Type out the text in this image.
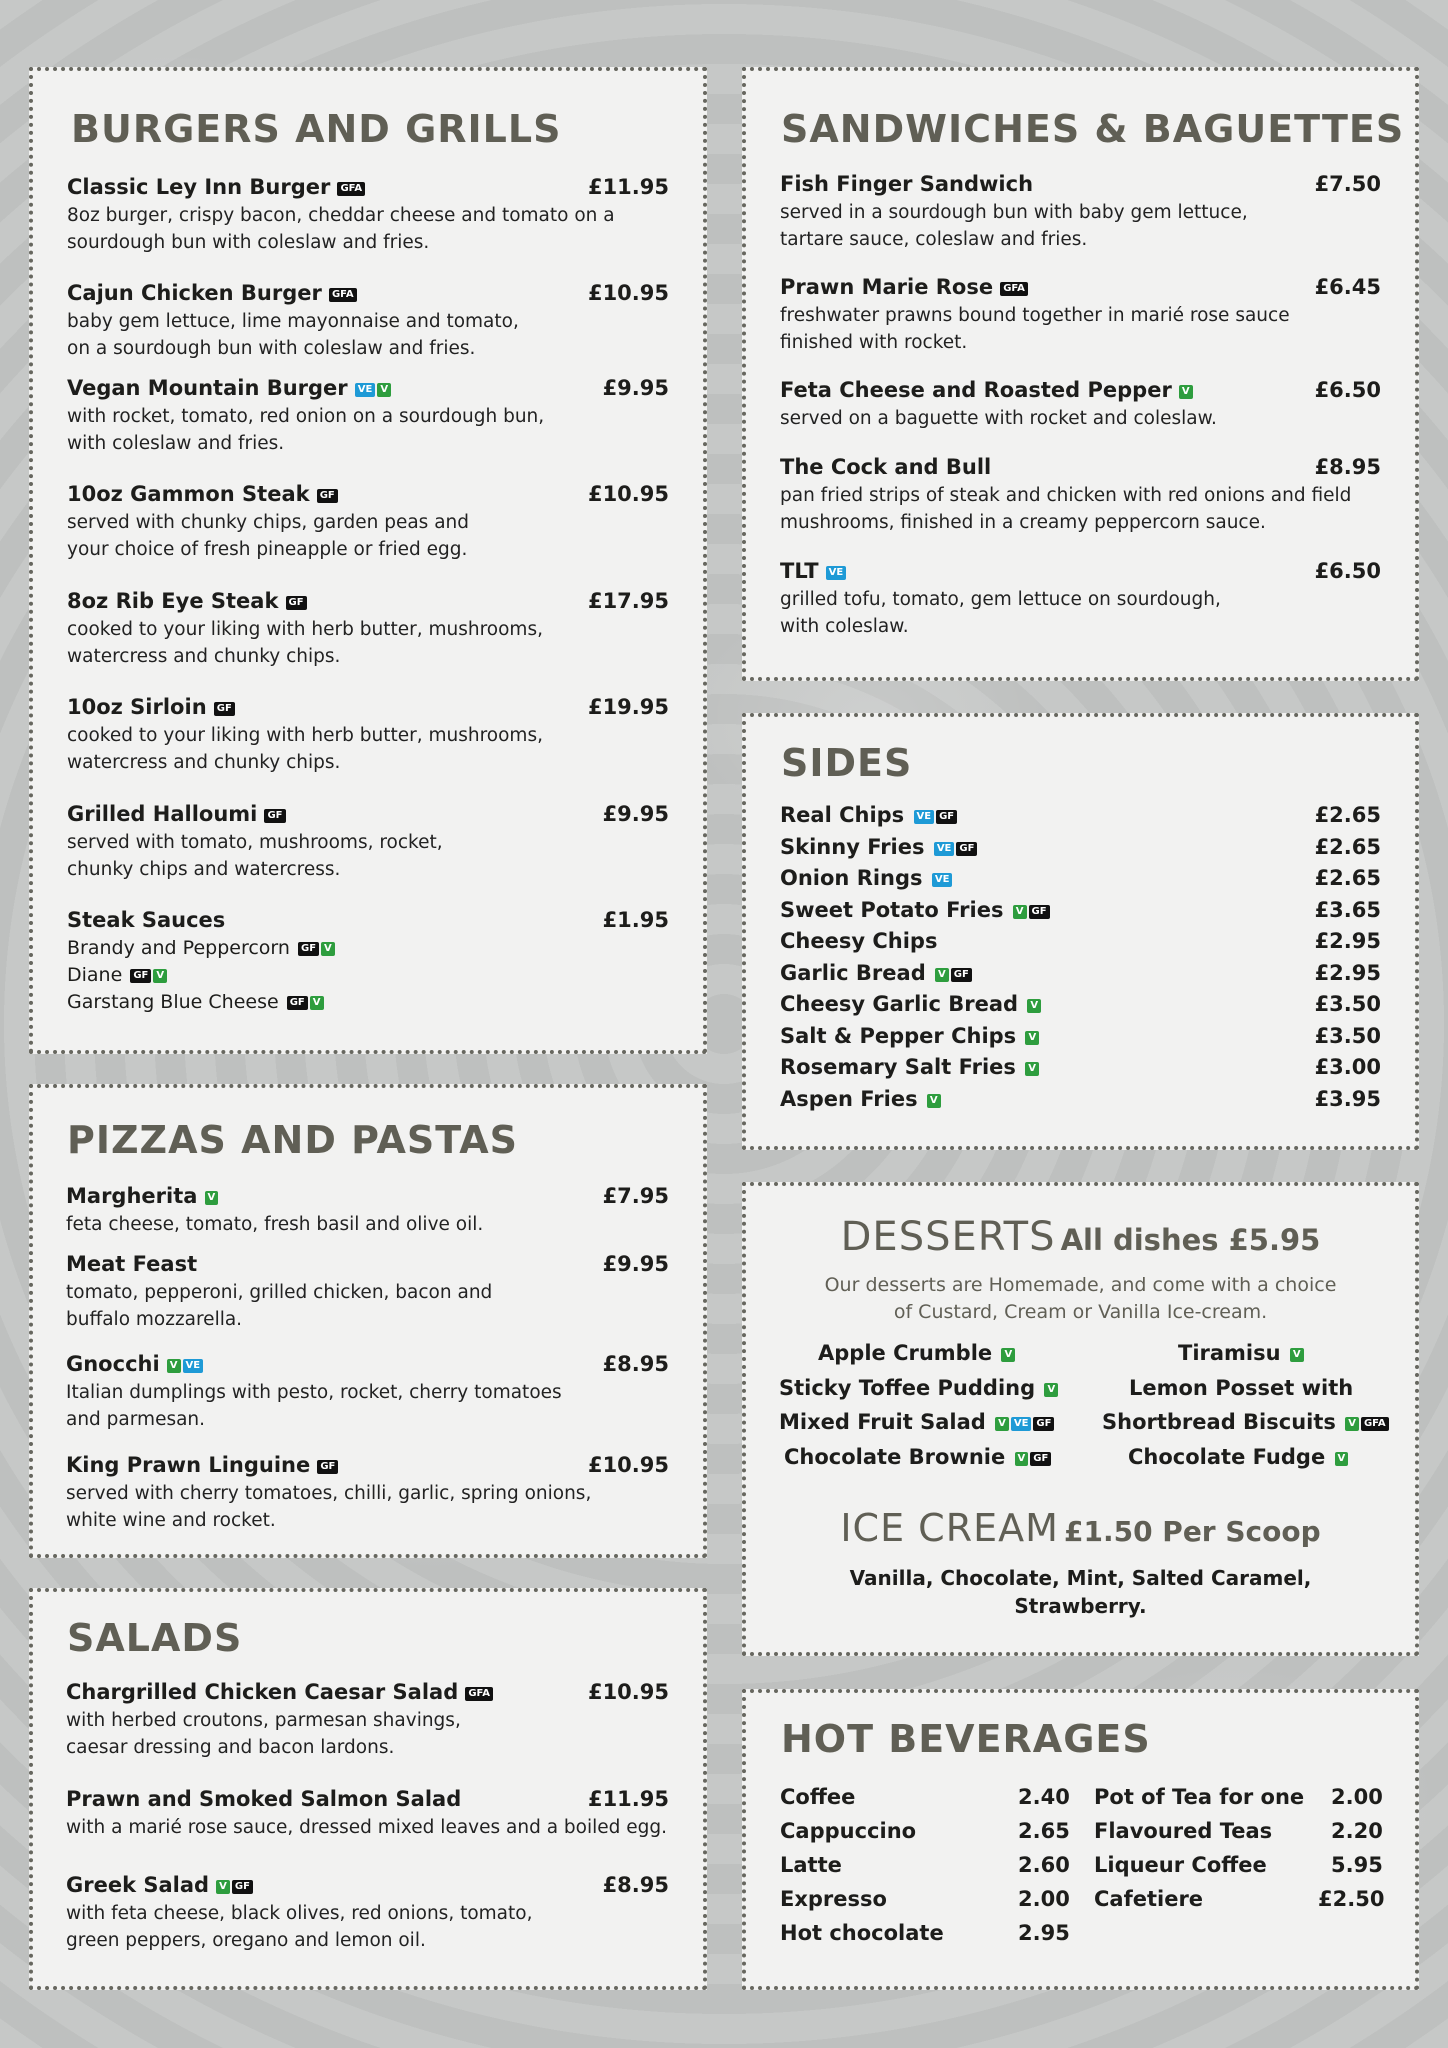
BURGERS AND GRILLS
Classic Ley Inn Burger GFA	£11.95
8oz burger, crispy bacon, cheddar cheese and tomato on a
sourdough bun with coleslaw and fries.
Cajun Chicken Burger GFA	£10.95
baby gem lettuce, lime mayonnaise and tomato,
on a sourdough bun with coleslaw and fries.
Vegan Mountain Burger VE V	£9.95
with rocket, tomato, red onion on a sourdough bun,
with coleslaw and fries.
10oz Gammon Steak GF	£10.95
served with chunky chips, garden peas and
your choice of fresh pineapple or fried egg.
8oz Rib Eye Steak GF	£17.95
cooked to your liking with herb butter, mushrooms,
watercress and chunky chips.
10oz Sirloin GF	£19.95
cooked to your liking with herb butter, mushrooms,
watercress and chunky chips.
Grilled Halloumi GF	£9.95
served with tomato, mushrooms, rocket,
chunky chips and watercress.
Steak Sauces	£1.95
Brandy and Peppercorn GF V
Diane GF V
Garstang Blue Cheese GF V
PIZZAS AND PASTAS
Margherita V	£7.95
feta cheese, tomato, fresh basil and olive oil.
Meat Feast	£9.95
tomato, pepperoni, grilled chicken, bacon and
buffalo mozzarella.
Gnocchi V VE	£8.95
Italian dumplings with pesto, rocket, cherry tomatoes
and parmesan.
King Prawn Linguine GF	£10.95
served with cherry tomatoes, chilli, garlic, spring onions,
white wine and rocket.
SALADS
Chargrilled Chicken Caesar Salad GFA	£10.95
with herbed croutons, parmesan shavings,
caesar dressing and bacon lardons.
Prawn and Smoked Salmon Salad	£11.95
with a marié rose sauce, dressed mixed leaves and a boiled egg.
Greek Salad V GF	£8.95
with feta cheese, black olives, red onions, tomato,
green peppers, oregano and lemon oil.
SANDWICHES & BAGUETTES
Fish Finger Sandwich	£7.50
served in a sourdough bun with baby gem lettuce,
tartare sauce, coleslaw and fries.
Prawn Marie Rose GFA	£6.45
freshwater prawns bound together in marié rose sauce
finished with rocket.
Feta Cheese and Roasted Pepper V	£6.50
served on a baguette with rocket and coleslaw.
The Cock and Bull	£8.95
pan fried strips of steak and chicken with red onions and field
mushrooms, finished in a creamy peppercorn sauce.
TLT VE	£6.50
grilled tofu, tomato, gem lettuce on sourdough,
with coleslaw.
SIDES
Real Chips VE GF	£2.65
Skinny Fries VE GF	£2.65
Onion Rings VE	£2.65
Sweet Potato Fries V GF	£3.65
Cheesy Chips	£2.95
Garlic Bread V GF	£2.95
Cheesy Garlic Bread V	£3.50
Salt & Pepper Chips V	£3.50
Rosemary Salt Fries V	£3.00
Aspen Fries V	£3.95
DESSERTS All dishes £5.95
Our desserts are Homemade, and come with a choice
of Custard, Cream or Vanilla Ice-cream.
Apple Crumble V
Sticky Toffee Pudding V
Mixed Fruit Salad V VE GF
Chocolate Brownie V GF
Tiramisu V
Lemon Posset with
Shortbread Biscuits V GFA
Chocolate Fudge V
ICE CREAM £1.50 Per Scoop
Vanilla, Chocolate, Mint, Salted Caramel,
Strawberry.
HOT BEVERAGES
Coffee	2.40
Cappuccino	2.65
Latte	2.60
Expresso	2.00
Hot chocolate	2.95
Pot of Tea for one 2.00
Flavoured Teas	2.20
Liqueur Coffee	5.95
Cafetiere	£2.50
